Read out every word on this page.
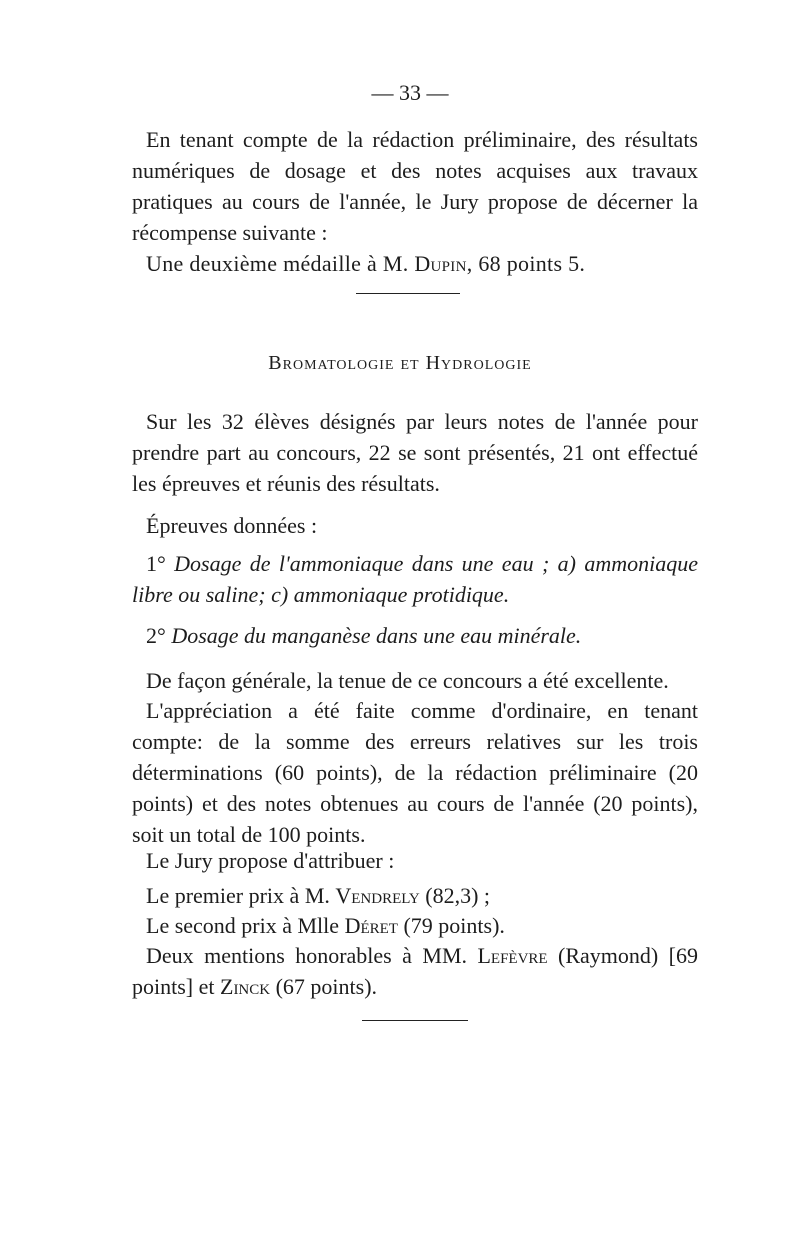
— 33 —

En tenant compte de la rédaction préliminaire, des résultats numériques de dosage et des notes acquises aux travaux pratiques au cours de l'année, le Jury propose de décerner la récompense suivante :

Une deuxième médaille à M. Dupin, 68 points 5.

Bromatologie et Hydrologie

Sur les 32 élèves désignés par leurs notes de l'année pour prendre part au concours, 22 se sont présentés, 21 ont effectué les épreuves et réunis des résultats.

Épreuves données :

1° Dosage de l'ammoniaque dans une eau ; a) ammoniaque libre ou saline; c) ammoniaque protidique.

2° Dosage du manganèse dans une eau minérale.

De façon générale, la tenue de ce concours a été excellente.

L'appréciation a été faite comme d'ordinaire, en tenant compte: de la somme des erreurs relatives sur les trois déterminations (60 points), de la rédaction préliminaire (20 points) et des notes obtenues au cours de l'année (20 points), soit un total de 100 points.

Le Jury propose d'attribuer :

Le premier prix à M. Vendrely (82,3) ;

Le second prix à Mlle Déret (79 points).

Deux mentions honorables à MM. Lefèvre (Raymond) [69 points] et Zinck (67 points).
